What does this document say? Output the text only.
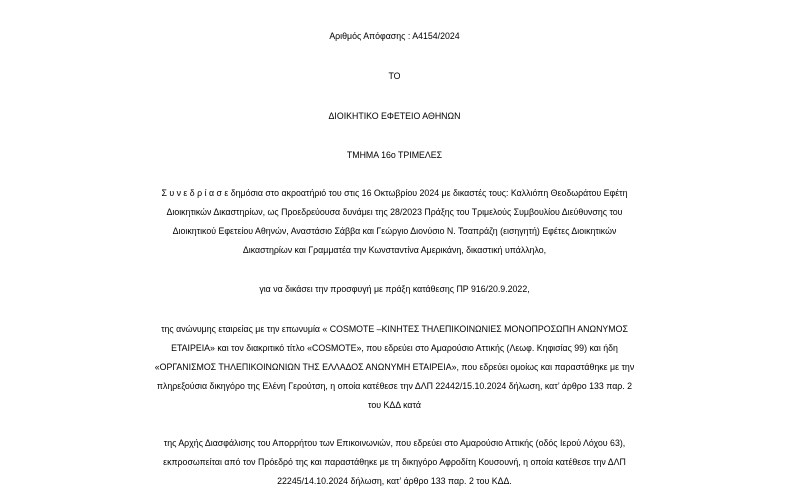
Αριθμός Απόφασης : Α4154/2024
ΤΟ
ΔΙΟΙΚΗΤΙΚΟ ΕΦΕΤΕΙΟ ΑΘΗΝΩΝ
ΤΜΗΜΑ 16ο ΤΡΙΜΕΛΕΣ
Σ υ ν ε δ ρ ί α σ ε δημόσια στο ακροατήριό του στις 16 Οκτωβρίου 2024 με δικαστές τους: Καλλιόπη Θεοδωράτου Εφέτη
Διοικητικών Δικαστηρίων, ως Προεδρεύουσα δυνάμει της 28/2023 Πράξης του Τριμελούς Συμβουλίου Διεύθυνσης του
Διοικητικού Εφετείου Αθηνών, Αναστάσιο Σάββα και Γεώργιο Διονύσιο Ν. Τσαπράζη (εισηγητή) Εφέτες Διοικητικών
Δικαστηρίων και Γραμματέα την Κωνσταντίνα Αμερικάνη, δικαστική υπάλληλο,
για να δικάσει την προσφυγή με πράξη κατάθεσης ΠΡ 916/20.9.2022,
της ανώνυμης εταιρείας με την επωνυμία « COSMOTE –ΚΙΝΗΤΕΣ ΤΗΛΕΠΙΚΟΙΝΩΝΙΕΣ ΜΟΝΟΠΡΟΣΩΠΗ ΑΝΩΝΥΜΟΣ
ΕΤΑΙΡΕΙΑ» και τον διακριτικό τίτλο «COSMOTE», που εδρεύει στο Αμαρούσιο Αττικής (Λεωφ. Κηφισίας 99) και ήδη
«ΟΡΓΑΝΙΣΜΟΣ ΤΗΛΕΠΙΚΟΙΝΩΝΙΩΝ ΤΗΣ ΕΛΛΑΔΟΣ ΑΝΩΝΥΜΗ ΕΤΑΙΡΕΙΑ», που εδρεύει ομοίως και παραστάθηκε με την
πληρεξούσια δικηγόρο της Ελένη Γερούτση, η οποία κατέθεσε την ΔΛΠ 22442/15.10.2024 δήλωση, κατ’ άρθρο 133 παρ. 2
του ΚΔΔ κατά
της Αρχής Διασφάλισης του Απορρήτου των Επικοινωνιών, που εδρεύει στο Αμαρούσιο Αττικής (οδός Ιερού Λόχου 63),
εκπροσωπείται από τον Πρόεδρό της και παραστάθηκε με τη δικηγόρο Αφροδίτη Κουσουνή, η οποία κατέθεσε την ΔΛΠ
22245/14.10.2024 δήλωση, κατ’ άρθρο 133 παρ. 2 του ΚΔΔ.
